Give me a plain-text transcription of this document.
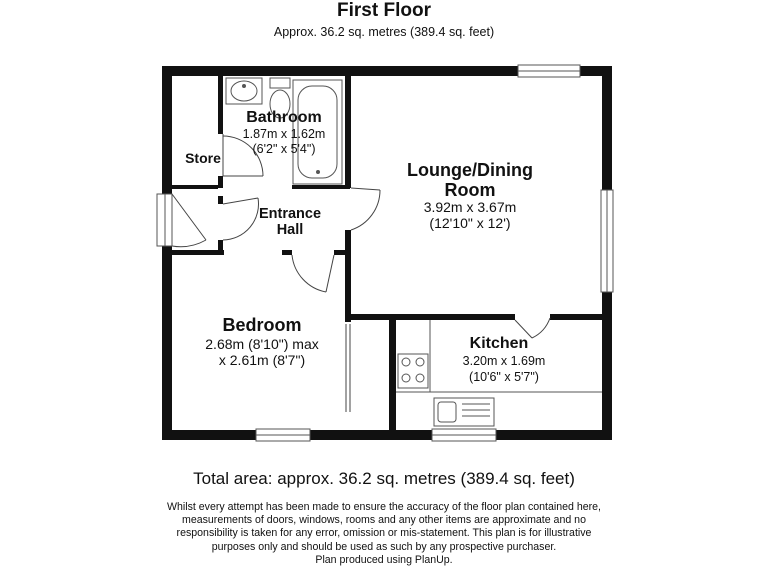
First Floor
Approx. 36.2 sq. metres (389.4 sq. feet)
Bathroom
1.87m x 1.62m
(6'2" x 5'4")
Store
Entrance
Hall
Lounge/Dining
Room
3.92m x 3.67m
(12'10" x 12')
Bedroom
2.68m (8'10") max
x 2.61m (8'7")
Kitchen
3.20m x 1.69m
(10'6" x 5'7")
Total area: approx. 36.2 sq. metres (389.4 sq. feet)
Whilst every attempt has been made to ensure the accuracy of the floor plan contained here,
measurements of doors, windows, rooms and any other items are approximate and no
responsibility is taken for any error, omission or mis-statement. This plan is for illustrative
purposes only and should be used as such by any prospective purchaser.
Plan produced using PlanUp.
